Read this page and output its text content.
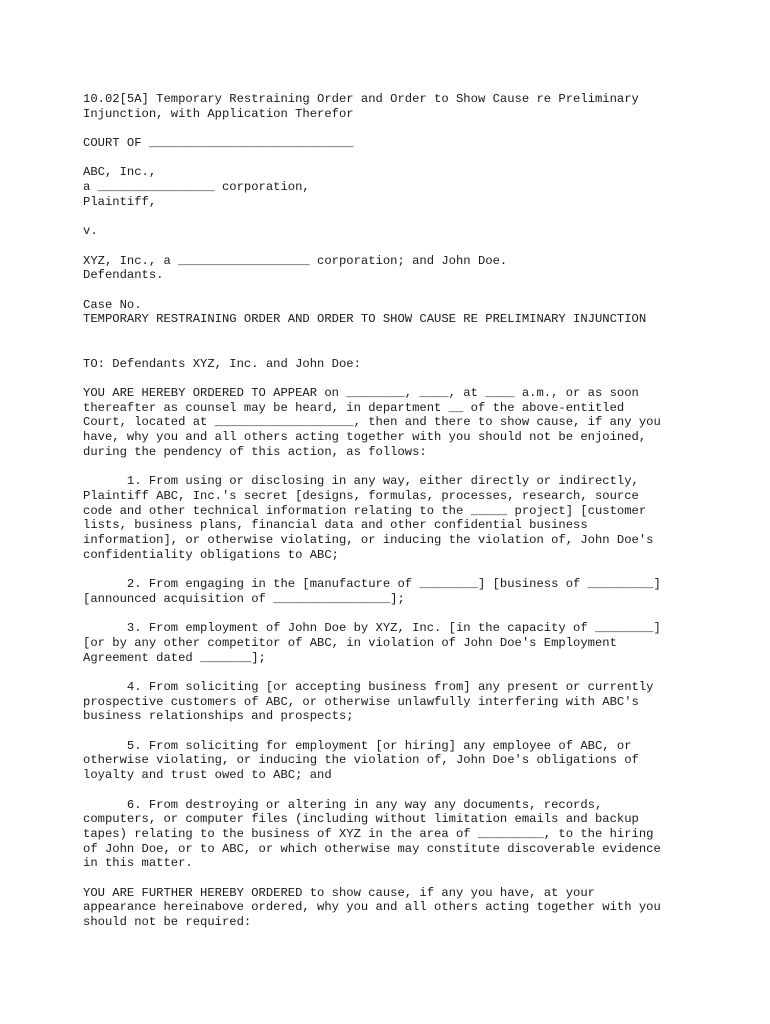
10.02[5A] Temporary Restraining Order and Order to Show Cause re Preliminary
Injunction, with Application Therefor
COURT OF ____________________________
ABC, Inc.,
a ________________ corporation,
Plaintiff,
v.
XYZ, Inc., a __________________ corporation; and John Doe.
Defendants.
Case No.
TEMPORARY RESTRAINING ORDER AND ORDER TO SHOW CAUSE RE PRELIMINARY INJUNCTION
TO: Defendants XYZ, Inc. and John Doe:
YOU ARE HEREBY ORDERED TO APPEAR on ________, ____, at ____ a.m., or as soon
thereafter as counsel may be heard, in department __ of the above-entitled
Court, located at ___________________, then and there to show cause, if any you
have, why you and all others acting together with you should not be enjoined,
during the pendency of this action, as follows:
1. From using or disclosing in any way, either directly or indirectly,
Plaintiff ABC, Inc.'s secret [designs, formulas, processes, research, source
code and other technical information relating to the _____ project] [customer
lists, business plans, financial data and other confidential business
information], or otherwise violating, or inducing the violation of, John Doe's
confidentiality obligations to ABC;
2. From engaging in the [manufacture of ________] [business of _________]
[announced acquisition of ________________];
3. From employment of John Doe by XYZ, Inc. [in the capacity of ________]
[or by any other competitor of ABC, in violation of John Doe's Employment
Agreement dated _______];
4. From soliciting [or accepting business from] any present or currently
prospective customers of ABC, or otherwise unlawfully interfering with ABC's
business relationships and prospects;
5. From soliciting for employment [or hiring] any employee of ABC, or
otherwise violating, or inducing the violation of, John Doe's obligations of
loyalty and trust owed to ABC; and
6. From destroying or altering in any way any documents, records,
computers, or computer files (including without limitation emails and backup
tapes) relating to the business of XYZ in the area of _________, to the hiring
of John Doe, or to ABC, or which otherwise may constitute discoverable evidence
in this matter.
YOU ARE FURTHER HEREBY ORDERED to show cause, if any you have, at your
appearance hereinabove ordered, why you and all others acting together with you
should not be required:
